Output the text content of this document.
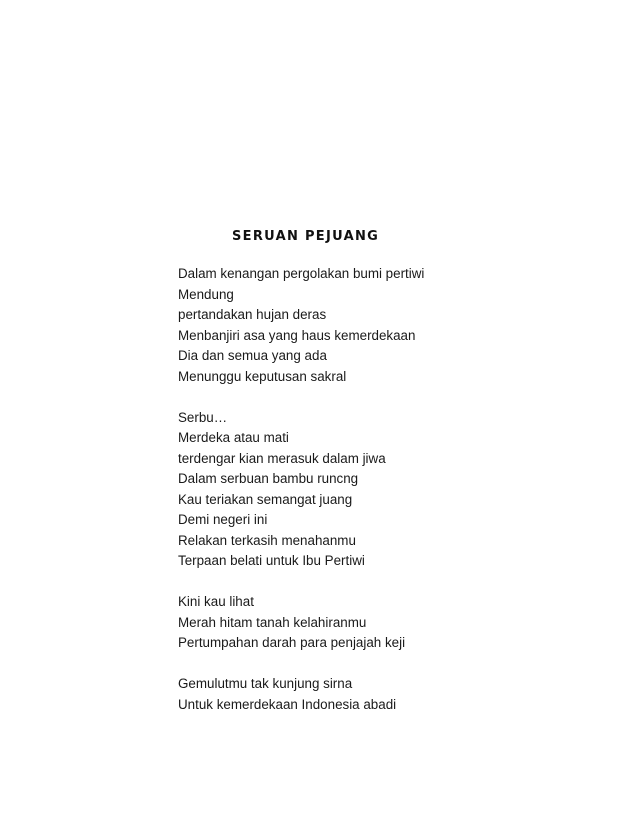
SERUAN PEJUANG
Dalam kenangan pergolakan bumi pertiwi
Mendung
pertandakan hujan deras
Menbanjiri asa yang haus kemerdekaan
Dia dan semua yang ada
Menunggu keputusan sakral
Serbu…
Merdeka atau mati
terdengar kian merasuk dalam jiwa
Dalam serbuan bambu runcng
Kau teriakan semangat juang
Demi negeri ini
Relakan terkasih menahanmu
Terpaan belati untuk Ibu Pertiwi
Kini kau lihat
Merah hitam tanah kelahiranmu
Pertumpahan darah para penjajah keji
Gemulutmu tak kunjung sirna
Untuk kemerdekaan Indonesia abadi
